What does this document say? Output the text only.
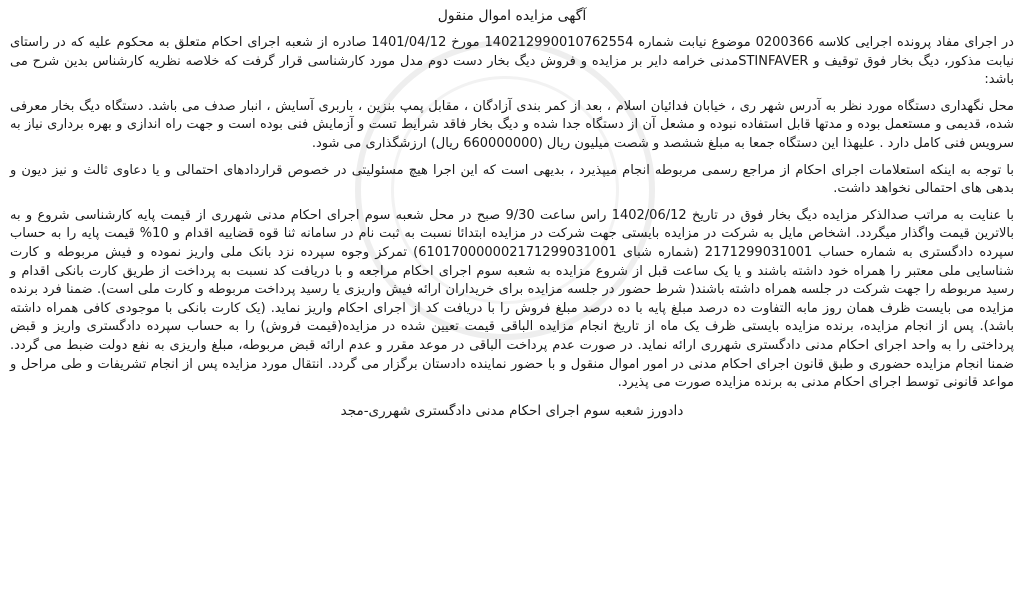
آگهی مزایده اموال منقول

در اجرای مفاد پرونده اجرایی کلاسه 0200366 موضوع نیابت شماره 140212990010762554 مورخ 1401/04/12 صادره از شعبه اجرای احکام متعلق به محکوم علیه که در راستای نیابت مذکور، دیگ بخار فوق توقیف و STINFAVERمدنی خرامه دایر بر مزایده و فروش دیگ بخار دست دوم مدل مورد کارشناسی قرار گرفت که خلاصه نظریه کارشناس بدین شرح می باشد:

محل نگهداری دستگاه مورد نظر به آدرس شهر ری ، خیابان فدائیان اسلام ، بعد از کمر بندی آزادگان ، مقابل پمپ بنزین ، باربری آسایش ، انبار صدف می باشد. دستگاه دیگ بخار معرفی شده، قدیمی و مستعمل بوده و مدتها قابل استفاده نبوده و مشعل آن از دستگاه جدا شده و دیگ بخار فاقد شرایط تست و آزمایش فنی بوده است و جهت راه اندازی و بهره برداری نیاز به سرویس فنی کامل دارد . علیهذا این دستگاه جمعا به مبلغ ششصد و شصت میلیون ریال (660000000 ریال) ارزشگذاری می شود.

با توجه به اینکه استعلامات اجرای احکام از مراجع رسمی مربوطه انجام میپذیرد ، بدیهی است که این اجرا هیچ مسئولیتی در خصوص قراردادهای احتمالی و یا دعاوی ثالث و نیز دیون و بدهی های احتمالی نخواهد داشت.

با عنایت به مراتب صدالذکر مزایده دیگ بخار فوق در تاریخ 1402/06/12 راس ساعت 9/30 صبح در محل شعبه سوم اجرای احکام مدنی شهرری از قیمت پایه کارشناسی شروع و به بالاترین قیمت واگذار میگردد. اشخاص مایل به شرکت در مزایده بایستی جهت شرکت در مزایده ابتدائا نسبت به ثبت نام در سامانه ثنا قوه قضاییه اقدام و 10% قیمت پایه را به حساب سپرده دادگستری به شماره حساب 2171299031001 (شماره شبای 610170000002171299031001) تمرکز وجوه سپرده نزد بانک ملی واریز نموده و فیش مربوطه و کارت شناسایی ملی معتبر را همراه خود داشته باشند و یا یک ساعت قبل از شروع مزایده به شعبه سوم اجرای احکام مراجعه و با دریافت کد نسبت به پرداخت از طریق کارت بانکی اقدام و رسید مربوطه را جهت شرکت در جلسه همراه داشته باشند( شرط حضور در جلسه مزایده برای خریداران ارائه فیش واریزی یا رسید پرداخت مربوطه و کارت ملی است). ضمنا فرد برنده مزایده می بایست ظرف همان روز مابه التفاوت ده درصد مبلغ پایه با ده درصد مبلغ فروش را با دریافت کد از اجرای احکام واریز نماید. (یک کارت بانکی با موجودی کافی همراه داشته باشد). پس از انجام مزایده، برنده مزایده بایستی ظرف یک ماه از تاریخ انجام مزایده الباقی قیمت تعیین شده در مزایده(قیمت فروش) را به حساب سپرده دادگستری واریز و قبض پرداختی را به واحد اجرای احکام مدنی دادگستری شهرری ارائه نماید. در صورت عدم پرداخت الباقی در موعد مقرر و عدم ارائه قبض مربوطه، مبلغ واریزی به نفع دولت ضبط می گردد. ضمنا انجام مزایده حضوری و طبق قانون اجرای احکام مدنی در امور اموال منقول و با حضور نماینده دادستان برگزار می گردد. انتقال مورد مزایده پس از انجام تشریفات و طی مراحل و مواعد قانونی توسط اجرای احکام مدنی به برنده مزایده صورت می پذیرد.

دادورز شعبه سوم اجرای احکام مدنی دادگستری شهرری-مجد
